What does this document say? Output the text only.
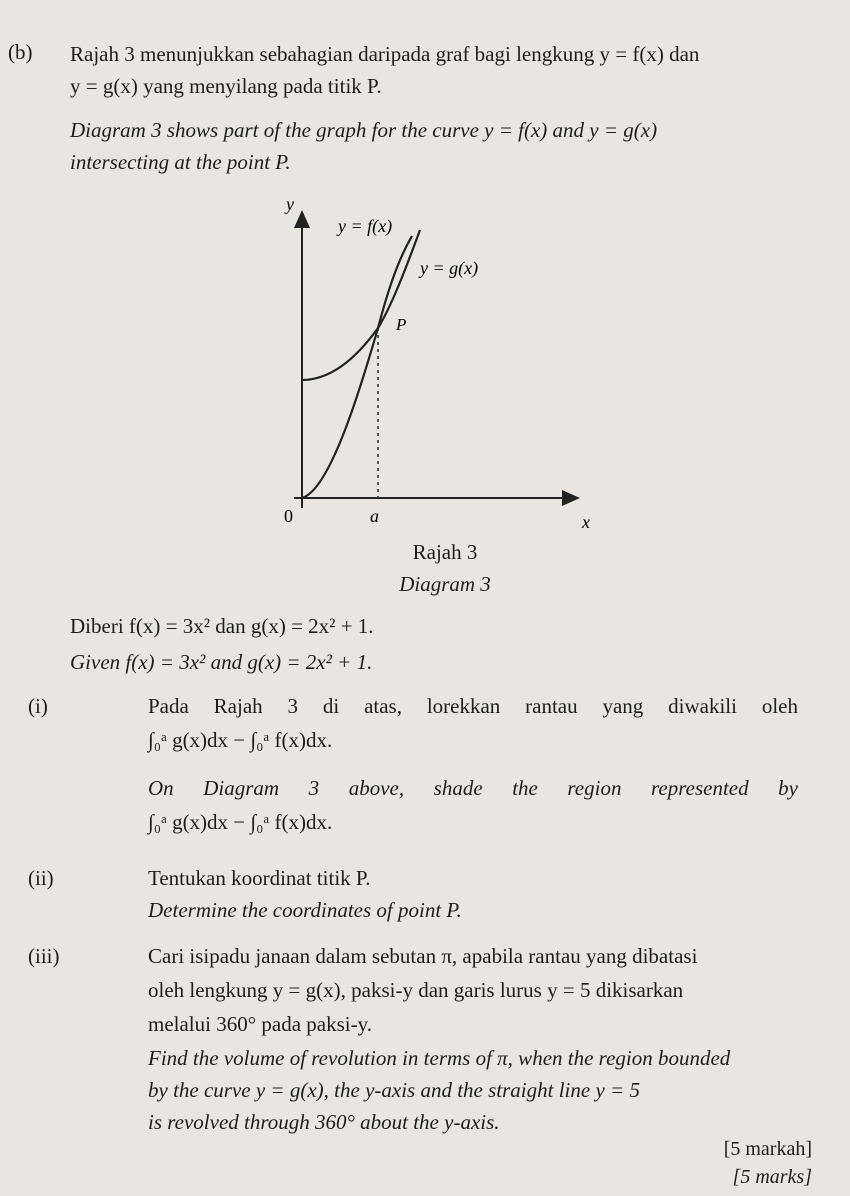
(b) Rajah 3 menunjukkan sebahagian daripada graf bagi lengkung y = f(x) dan
y = g(x) yang menyilang pada titik P.
Diagram 3 shows part of the graph for the curve y = f(x) and y = g(x)
intersecting at the point P.
y
x
0	a
P
y = f(x)
y = g(x)
Rajah 3
Diagram 3
Diberi f(x) = 3x² dan g(x) = 2x² + 1.
Given f(x) = 3x² and g(x) = 2x² + 1.
(i)	Pada Rajah 3 di atas, lorekkan rantau yang diwakili oleh
∫₀ᵃ g(x)dx − ∫₀ᵃ f(x)dx.
On Diagram 3 above, shade the region represented by
∫₀ᵃ g(x)dx − ∫₀ᵃ f(x)dx.
(ii)	Tentukan koordinat titik P.
Determine the coordinates of point P.
(iii)	Cari isipadu janaan dalam sebutan π, apabila rantau yang dibatasi
oleh lengkung y = g(x), paksi-y dan garis lurus y = 5 dikisarkan
melalui 360° pada paksi-y.
Find the volume of revolution in terms of π, when the region bounded
by the curve y = g(x), the y-axis and the straight line y = 5
is revolved through 360° about the y-axis.
[5 markah]
[5 marks]
